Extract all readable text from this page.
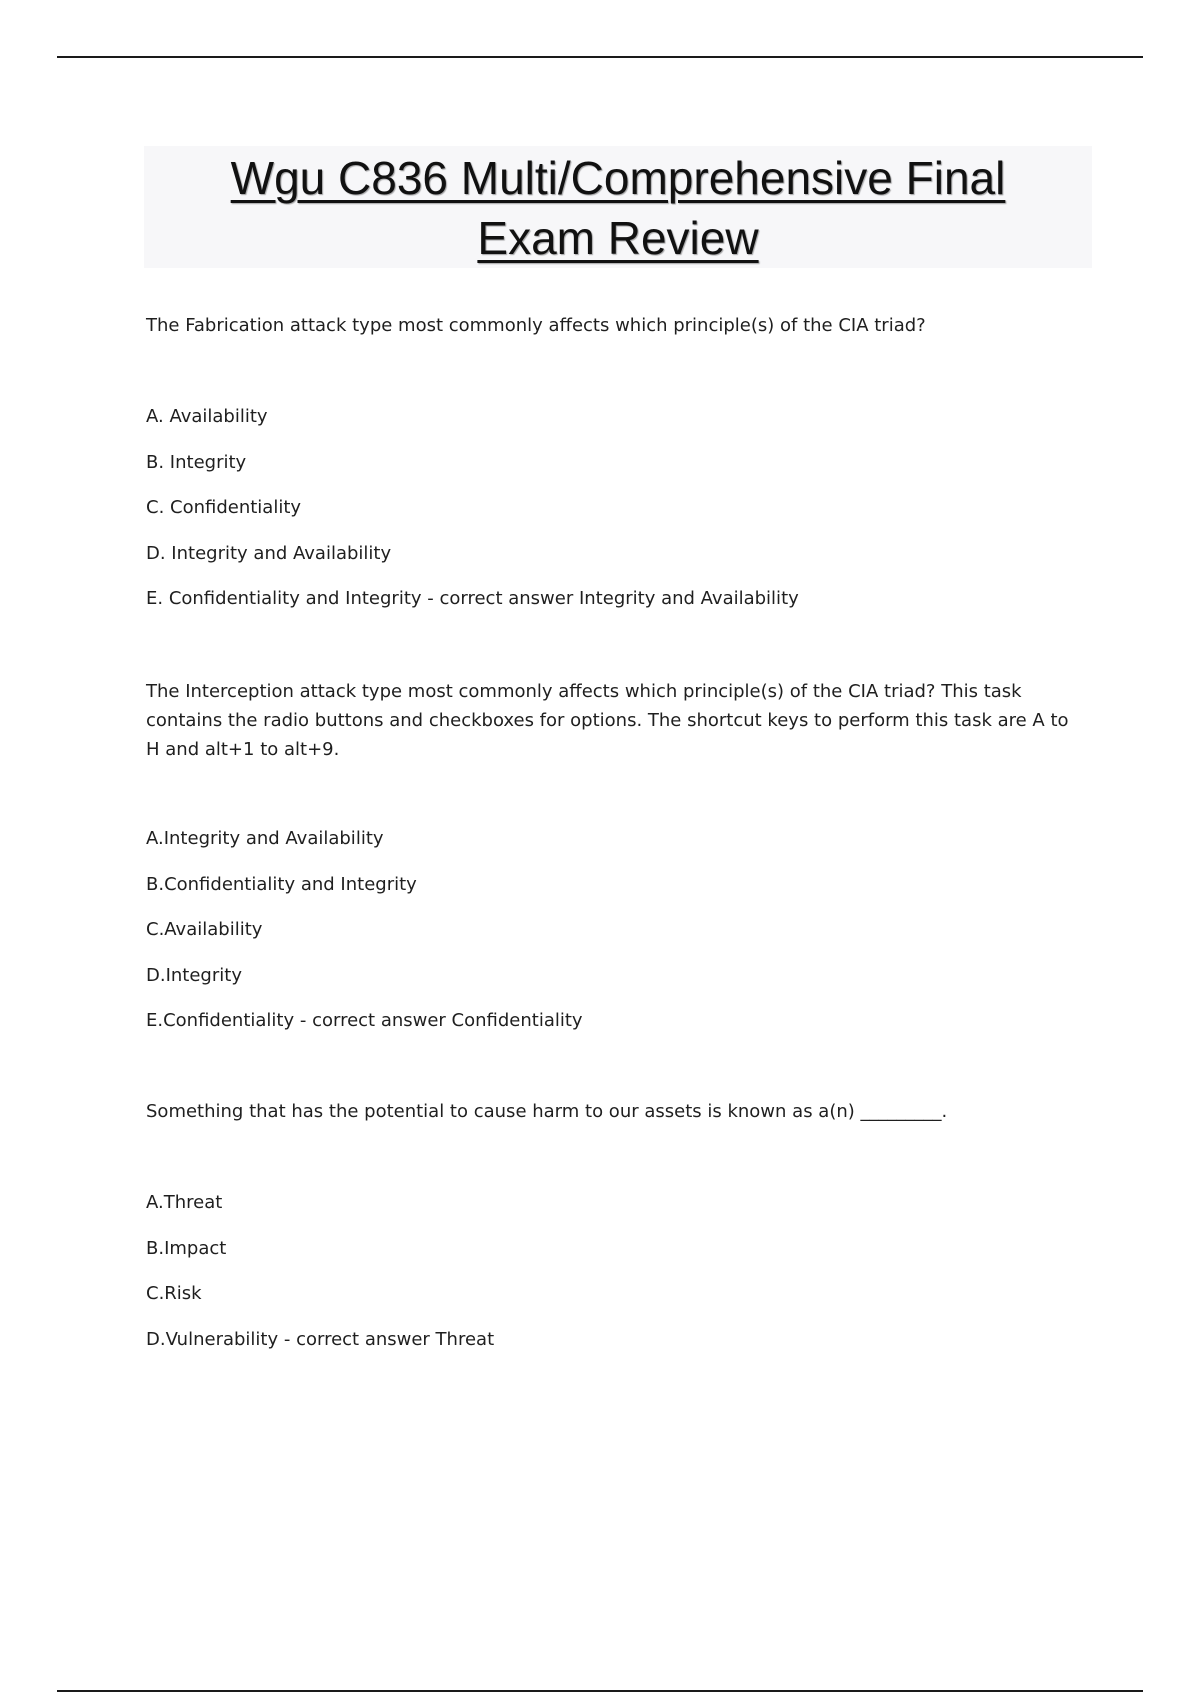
Wgu C836 Multi/Comprehensive Final
Exam Review
The Fabrication attack type most commonly affects which principle(s) of the CIA triad?
A. Availability
B. Integrity
C. Confidentiality
D. Integrity and Availability
E. Confidentiality and Integrity - correct answer Integrity and Availability
The Interception attack type most commonly affects which principle(s) of the CIA triad? This task contains the radio buttons and checkboxes for options. The shortcut keys to perform this task are A to H and alt+1 to alt+9.
A.Integrity and Availability
B.Confidentiality and Integrity
C.Availability
D.Integrity
E.Confidentiality - correct answer Confidentiality
Something that has the potential to cause harm to our assets is known as a(n) _________.
A.Threat
B.Impact
C.Risk
D.Vulnerability - correct answer Threat
